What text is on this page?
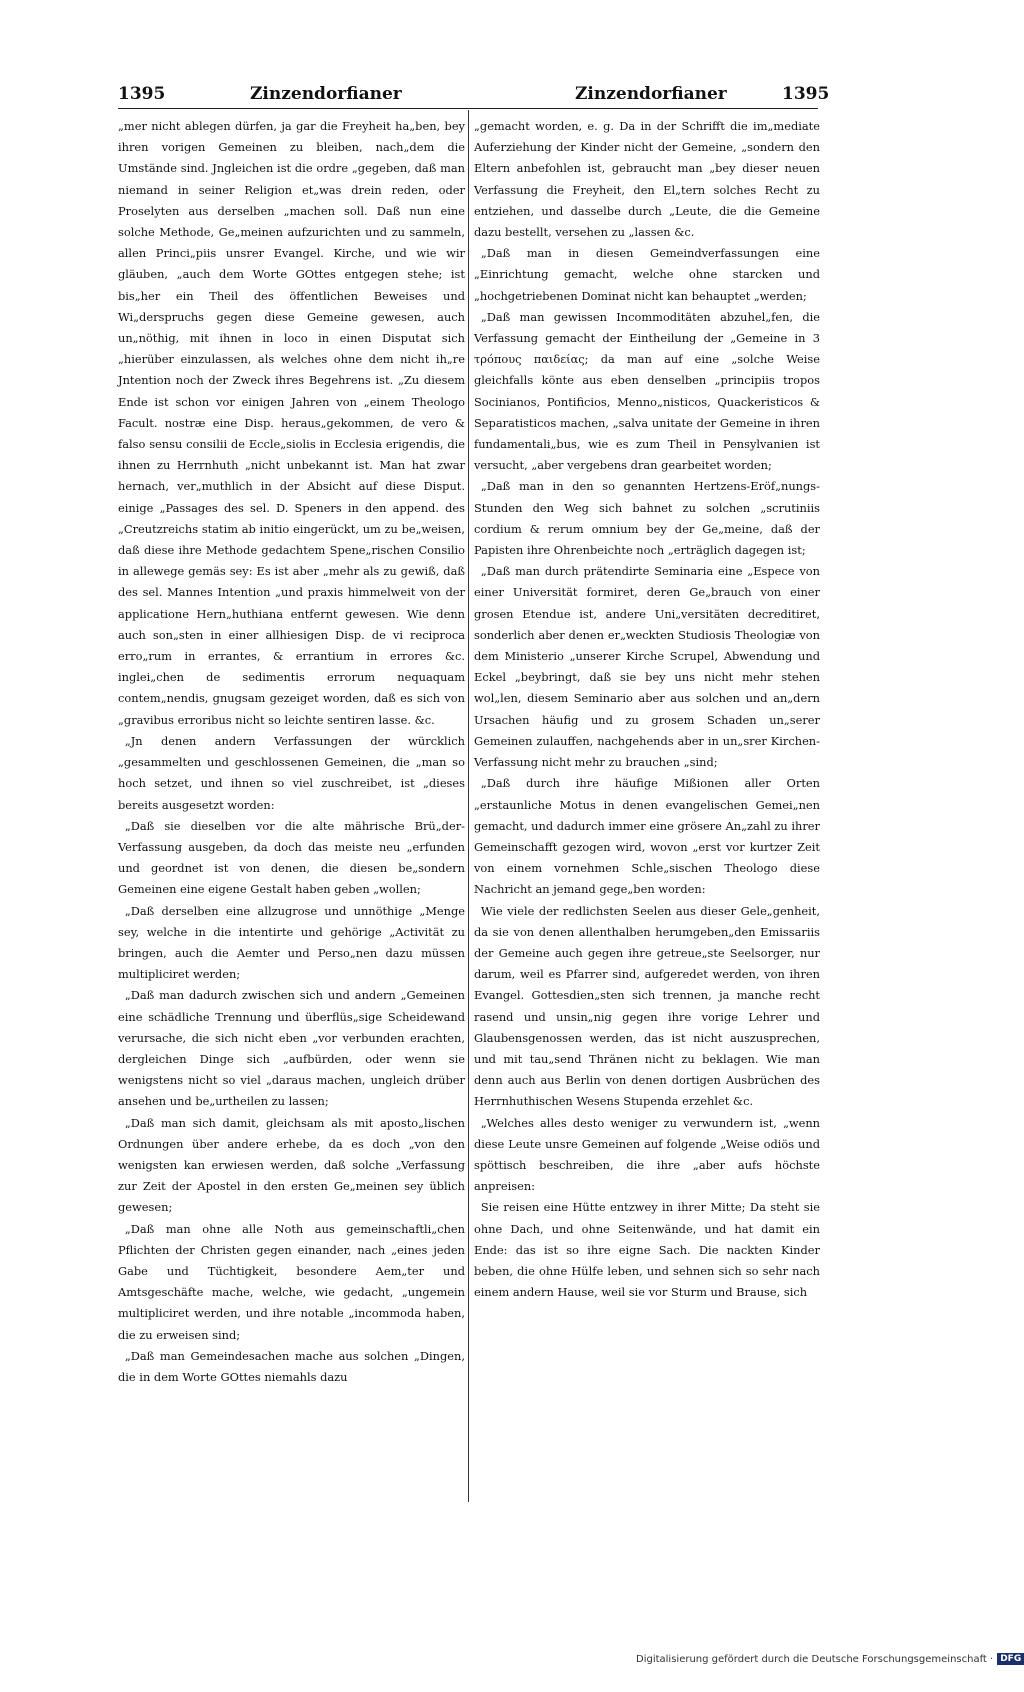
1395	Zinzendorfianer	Zinzendorfianer	1395

„mer nicht ablegen dürfen, ja gar die Freyheit ha„ben, bey ihren vorigen Gemeinen zu bleiben, nach„dem die Umstände sind. Jngleichen ist die ordre „gegeben, daß man niemand in seiner Religion et„was drein reden, oder Proselyten aus derselben „machen soll. Daß nun eine solche Methode, Ge„meinen aufzurichten und zu sammeln, allen Princi„piis unsrer Evangel. Kirche, und wie wir gläuben, „auch dem Worte GOttes entgegen stehe; ist bis„her ein Theil des öffentlichen Beweises und Wi„derspruchs gegen diese Gemeine gewesen, auch un„nöthig, mit ihnen in loco in einen Disputat sich „hierüber einzulassen, als welches ohne dem nicht ih„re Jntention noch der Zweck ihres Begehrens ist. „Zu diesem Ende ist schon vor einigen Jahren von „einem Theologo Facult. nostræ eine Disp. heraus„gekommen, de vero & falso sensu consilii de Eccle„siolis in Ecclesia erigendis, die ihnen zu Herrnhuth „nicht unbekannt ist. Man hat zwar hernach, ver„muthlich in der Absicht auf diese Disput. einige „Passages des sel. D. Speners in den append. des „Creutzreichs statim ab initio eingerückt, um zu be„weisen, daß diese ihre Methode gedachtem Spene„rischen Consilio in allewege gemäs sey: Es ist aber „mehr als zu gewiß, daß des sel. Mannes Intention „und praxis himmelweit von der applicatione Hern„huthiana entfernt gewesen. Wie denn auch son„sten in einer allhiesigen Disp. de vi reciproca erro„rum in errantes, & errantium in errores &c. inglei„chen de sedimentis errorum nequaquam contem„nendis, gnugsam gezeiget worden, daß es sich von „gravibus erroribus nicht so leichte sentiren lasse. &c.

„Jn denen andern Verfassungen der würcklich „gesammelten und geschlossenen Gemeinen, die „man so hoch setzet, und ihnen so viel zuschreibet, ist „dieses bereits ausgesetzt worden:

„Daß sie dieselben vor die alte mährische Brü„der-Verfassung ausgeben, da doch das meiste neu „erfunden und geordnet ist von denen, die diesen be„sondern Gemeinen eine eigene Gestalt haben geben „wollen;

„Daß derselben eine allzugrose und unnöthige „Menge sey, welche in die intentirte und gehörige „Activität zu bringen, auch die Aemter und Perso„nen dazu müssen multipliciret werden;

„Daß man dadurch zwischen sich und andern „Gemeinen eine schädliche Trennung und überflüs„sige Scheidewand verursache, die sich nicht eben „vor verbunden erachten, dergleichen Dinge sich „aufbürden, oder wenn sie wenigstens nicht so viel „daraus machen, ungleich drüber ansehen und be„urtheilen zu lassen;

„Daß man sich damit, gleichsam als mit aposto„lischen Ordnungen über andere erhebe, da es doch „von den wenigsten kan erwiesen werden, daß solche „Verfassung zur Zeit der Apostel in den ersten Ge„meinen sey üblich gewesen;

„Daß man ohne alle Noth aus gemeinschaftli„chen Pflichten der Christen gegen einander, nach „eines jeden Gabe und Tüchtigkeit, besondere Aem„ter und Amtsgeschäfte mache, welche, wie gedacht, „ungemein multipliciret werden, und ihre notable „incommoda haben, die zu erweisen sind;

„Daß man Gemeindesachen mache aus solchen „Dingen, die in dem Worte GOttes niemahls dazu

„gemacht worden, e. g. Da in der Schrifft die im„mediate Auferziehung der Kinder nicht der Gemeine, „sondern den Eltern anbefohlen ist, gebraucht man „bey dieser neuen Verfassung die Freyheit, den El„tern solches Recht zu entziehen, und dasselbe durch „Leute, die die Gemeine dazu bestellt, versehen zu „lassen &c.

„Daß man in diesen Gemeindverfassungen eine „Einrichtung gemacht, welche ohne starcken und „hochgetriebenen Dominat nicht kan behauptet „werden;

„Daß man gewissen Incommoditäten abzuhel„fen, die Verfassung gemacht der Eintheilung der „Gemeine in 3 τρόπους παιδείας; da man auf eine „solche Weise gleichfalls könte aus eben denselben „principiis tropos Socinianos, Pontificios, Menno„nisticos, Quackeristicos & Separatisticos machen, „salva unitate der Gemeine in ihren fundamentali„bus, wie es zum Theil in Pensylvanien ist versucht, „aber vergebens dran gearbeitet worden;

„Daß man in den so genannten Hertzens-Eröf„nungs-Stunden den Weg sich bahnet zu solchen „scrutiniis cordium & rerum omnium bey der Ge„meine, daß der Papisten ihre Ohrenbeichte noch „erträglich dagegen ist;

„Daß man durch prätendirte Seminaria eine „Espece von einer Universität formiret, deren Ge„brauch von einer grosen Etendue ist, andere Uni„versitäten decreditiret, sonderlich aber denen er„weckten Studiosis Theologiæ von dem Ministerio „unserer Kirche Scrupel, Abwendung und Eckel „beybringt, daß sie bey uns nicht mehr stehen wol„len, diesem Seminario aber aus solchen und an„dern Ursachen häufig und zu grosem Schaden un„serer Gemeinen zulauffen, nachgehends aber in un„srer Kirchen-Verfassung nicht mehr zu brauchen „sind;

„Daß durch ihre häufige Mißionen aller Orten „erstaunliche Motus in denen evangelischen Gemei„nen gemacht, und dadurch immer eine grösere An„zahl zu ihrer Gemeinschafft gezogen wird, wovon „erst vor kurtzer Zeit von einem vornehmen Schle„sischen Theologo diese Nachricht an jemand gege„ben worden:

Wie viele der redlichsten Seelen aus dieser Gele„genheit, da sie von denen allenthalben herumgeben„den Emissariis der Gemeine auch gegen ihre getreue„ste Seelsorger, nur darum, weil es Pfarrer sind, aufgeredet werden, von ihren Evangel. Gottesdien„sten sich trennen, ja manche recht rasend und unsin„nig gegen ihre vorige Lehrer und Glaubensgenossen werden, das ist nicht auszusprechen, und mit tau„send Thränen nicht zu beklagen. Wie man denn auch aus Berlin von denen dortigen Ausbrüchen des Herrnhuthischen Wesens Stupenda erzehlet &c.

„Welches alles desto weniger zu verwundern ist, „wenn diese Leute unsre Gemeinen auf folgende „Weise odiös und spöttisch beschreiben, die ihre „aber aufs höchste anpreisen:

Sie reisen eine Hütte entzwey in ihrer Mitte; Da steht sie ohne Dach, und ohne Seitenwände, und hat damit ein Ende: das ist so ihre eigne Sach. Die nackten Kinder beben, die ohne Hülfe leben, und sehnen sich so sehr nach einem andern Hause, weil sie vor Sturm und Brause, sich

Digitalisierung gefördert durch die Deutsche Forschungsgemeinschaft · DFG
